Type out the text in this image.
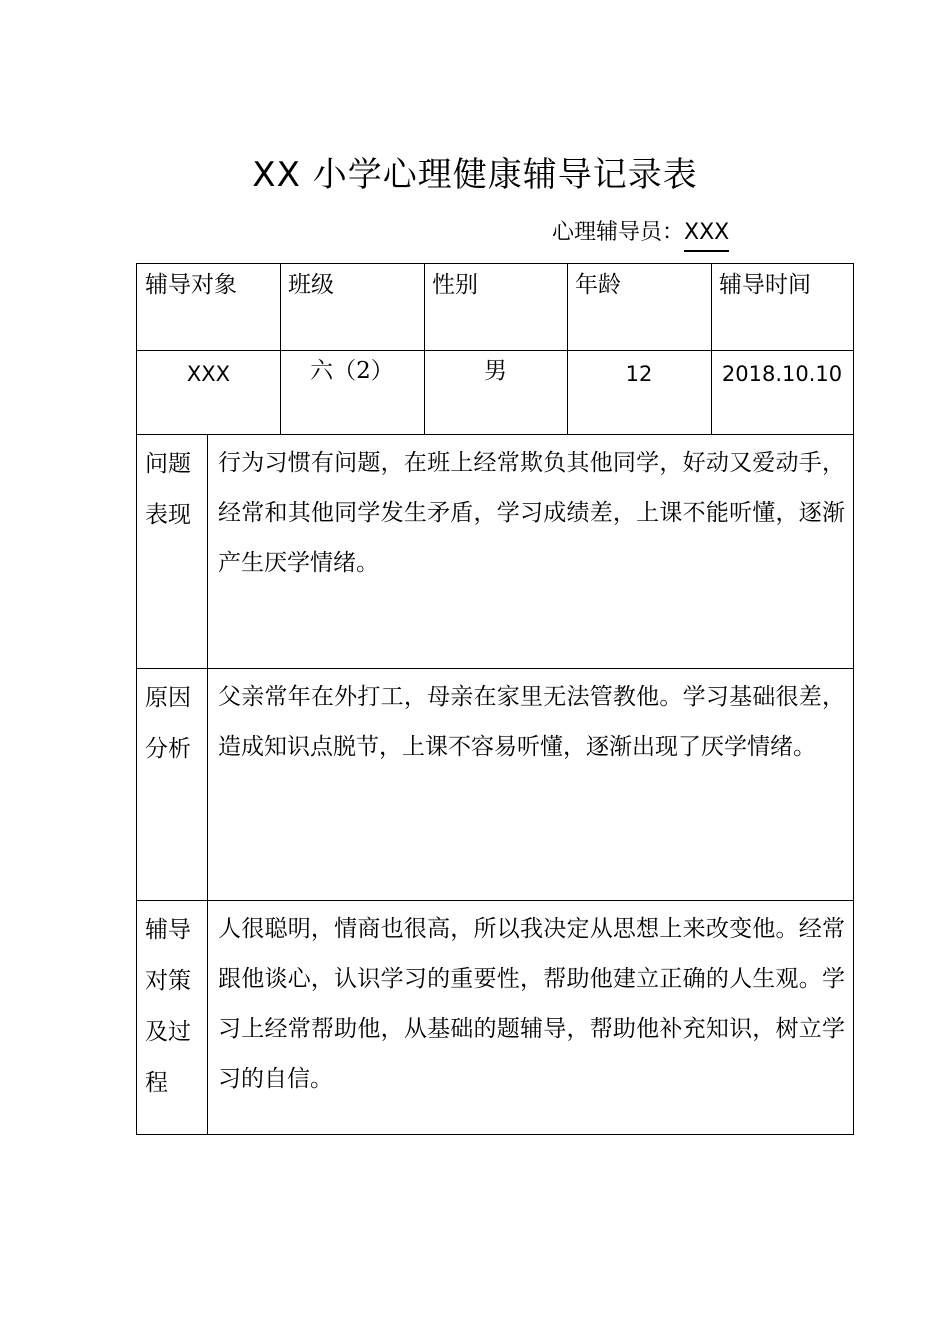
XX 小学心理健康辅导记录表
心理辅导员：XXX
辅导对象	班级	性别	年龄	辅导时间
XXX	六（2）	男	12	2018.10.10
问题表现
行为习惯有问题，在班上经常欺负其他同学，好动又爱动手，经常和其他同学发生矛盾，学习成绩差，上课不能听懂，逐渐产生厌学情绪。
原因分析
父亲常年在外打工，母亲在家里无法管教他。学习基础很差，造成知识点脱节，上课不容易听懂，逐渐出现了厌学情绪。
辅导对策及过程
人很聪明，情商也很高，所以我决定从思想上来改变他。经常跟他谈心，认识学习的重要性，帮助他建立正确的人生观。学习上经常帮助他，从基础的题辅导，帮助他补充知识，树立学习的自信。
